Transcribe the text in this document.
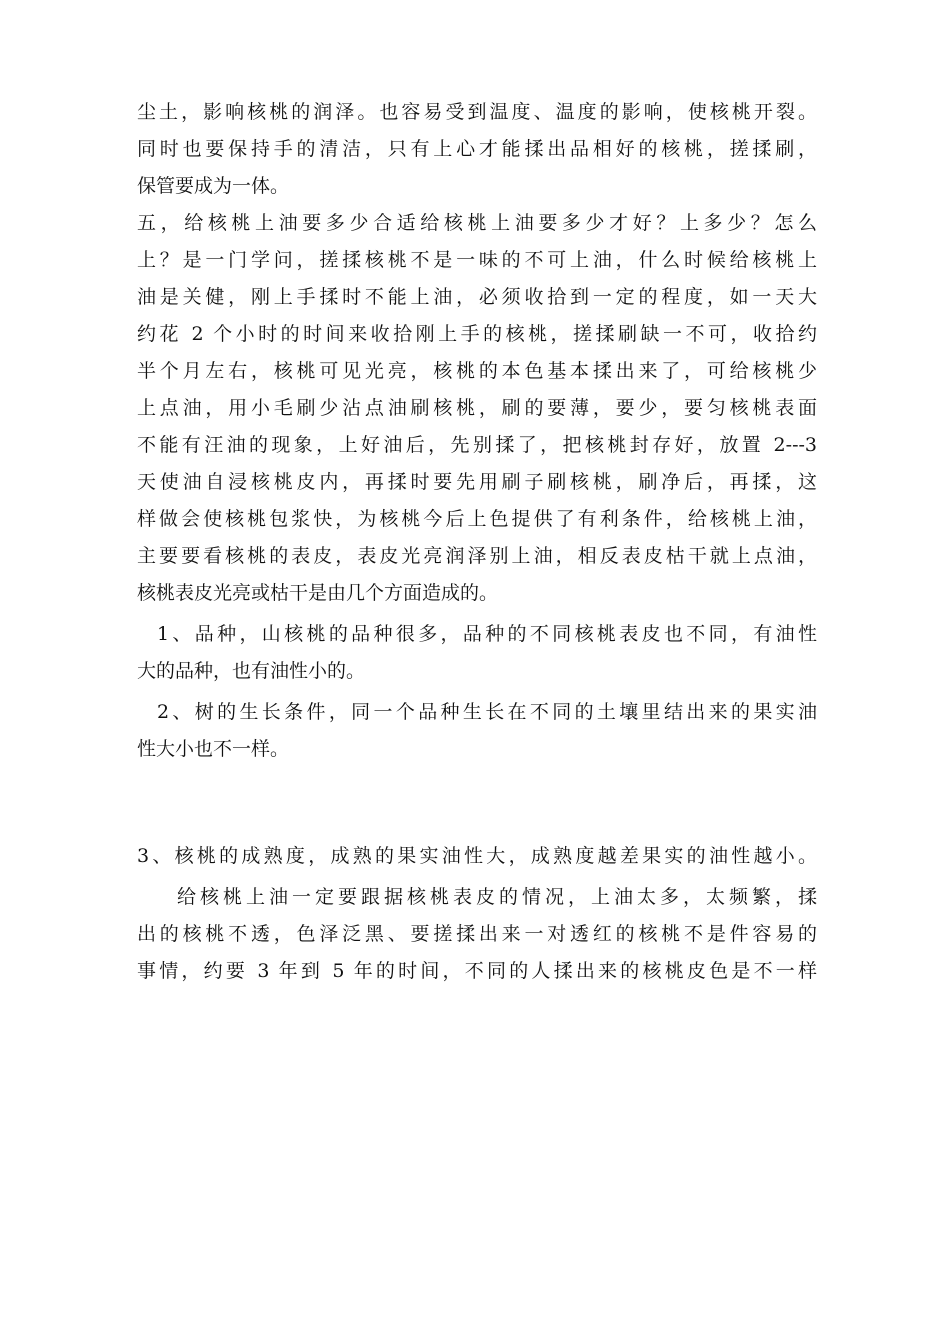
尘土，影响核桃的润泽。也容易受到温度、温度的影响，使核桃开裂。

同时也要保持手的清洁，只有上心才能揉出品相好的核桃，搓揉刷，

保管要成为一体。

五，给核桃上油要多少合适给核桃上油要多少才好？上多少？怎么

上？是一门学问，搓揉核桃不是一味的不可上油，什么时候给核桃上

油是关健，刚上手揉时不能上油，必须收拾到一定的程度，如一天大

约花 2 个小时的时间来收拾刚上手的核桃，搓揉刷缺一不可，收拾约

半个月左右，核桃可见光亮，核桃的本色基本揉出来了，可给核桃少

上点油，用小毛刷少沾点油刷核桃，刷的要薄，要少，要匀核桃表面

不能有汪油的现象，上好油后，先别揉了，把核桃封存好，放置 2---3

天使油自浸核桃皮内，再揉时要先用刷子刷核桃，刷净后，再揉，这

样做会使核桃包浆快，为核桃今后上色提供了有利条件，给核桃上油，

主要要看核桃的表皮，表皮光亮润泽别上油，相反表皮枯干就上点油，

核桃表皮光亮或枯干是由几个方面造成的。

1、品种，山核桃的品种很多，品种的不同核桃表皮也不同，有油性

大的品种，也有油性小的。

2、树的生长条件，同一个品种生长在不同的土壤里结出来的果实油

性大小也不一样。

3、核桃的成熟度，成熟的果实油性大，成熟度越差果实的油性越小。

给核桃上油一定要跟据核桃表皮的情况，上油太多，太频繁，揉

出的核桃不透，色泽泛黑、要搓揉出来一对透红的核桃不是件容易的

事情，约要 3 年到 5 年的时间，不同的人揉出来的核桃皮色是不一样
